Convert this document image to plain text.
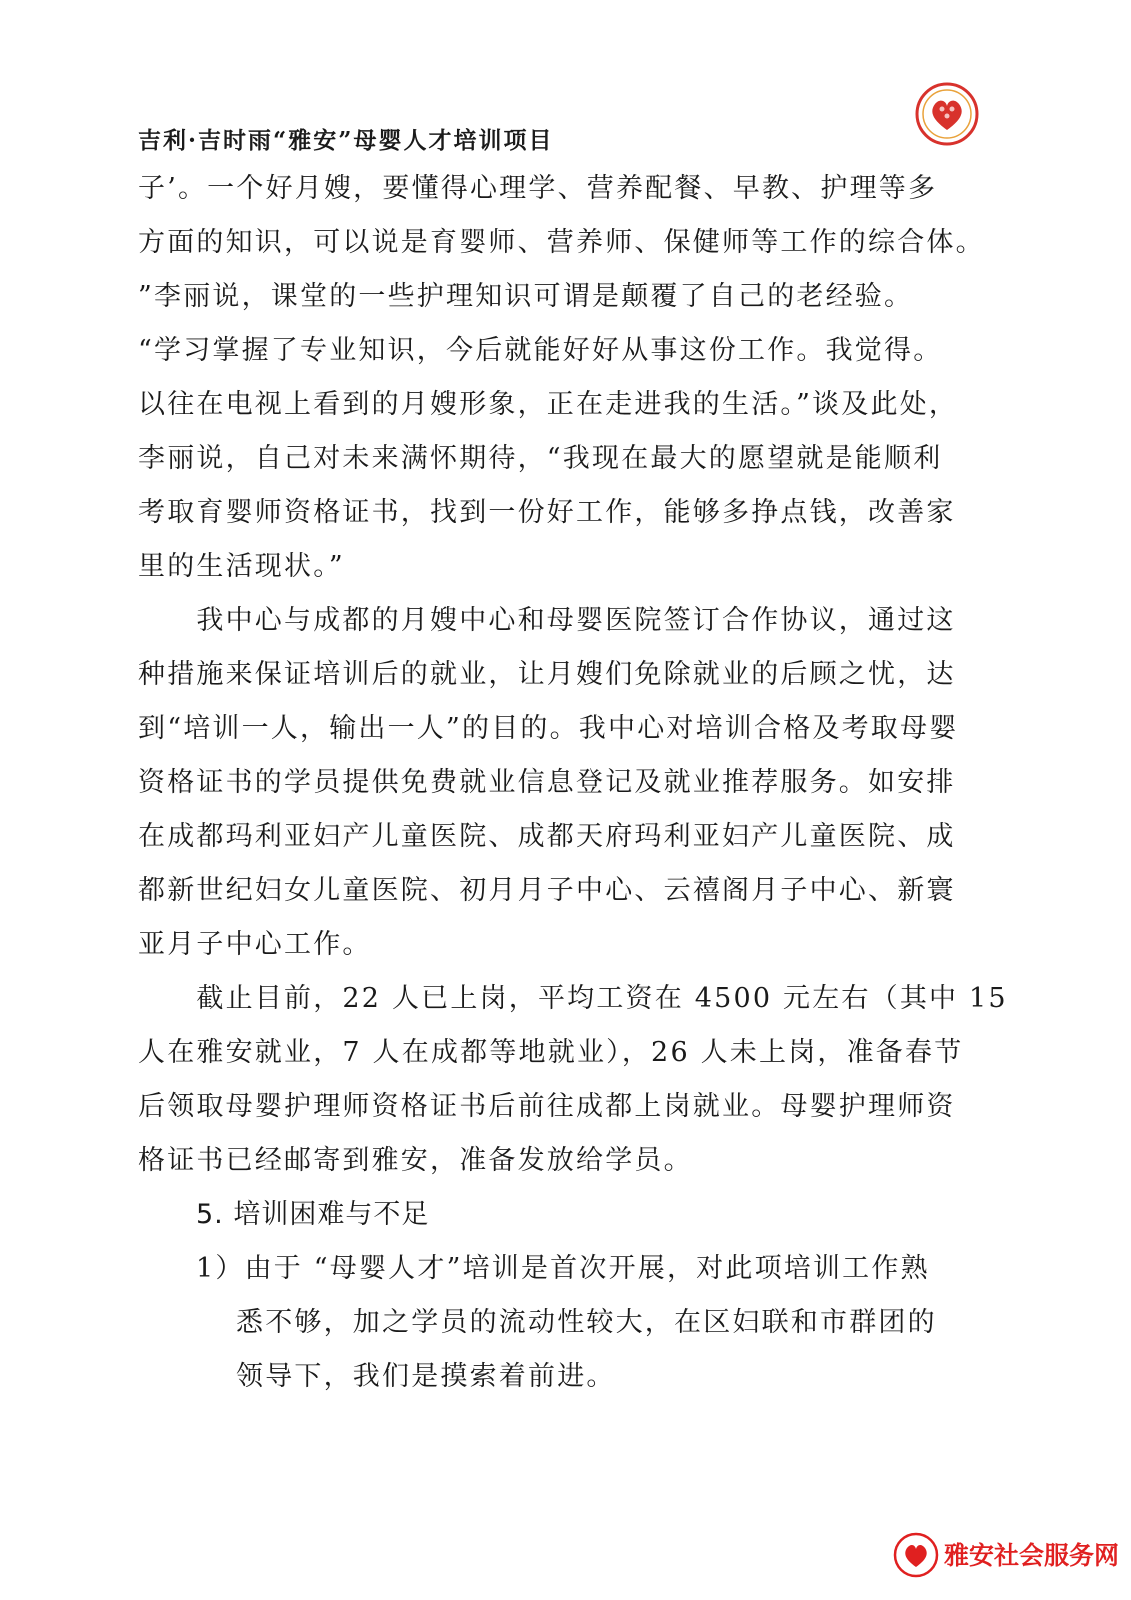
吉利·吉时雨“雅安”母婴人才培训项目
子’。一个好月嫂，要懂得心理学、营养配餐、早教、护理等多
方面的知识，可以说是育婴师、营养师、保健师等工作的综合体。
”李丽说，课堂的一些护理知识可谓是颠覆了自己的老经验。
“学习掌握了专业知识，今后就能好好从事这份工作。我觉得。
以往在电视上看到的月嫂形象，正在走进我的生活。”谈及此处，
李丽说，自己对未来满怀期待，“我现在最大的愿望就是能顺利
考取育婴师资格证书，找到一份好工作，能够多挣点钱，改善家
里的生活现状。”
　　我中心与成都的月嫂中心和母婴医院签订合作协议，通过这
种措施来保证培训后的就业，让月嫂们免除就业的后顾之忧，达
到“培训一人，输出一人”的目的。我中心对培训合格及考取母婴
资格证书的学员提供免费就业信息登记及就业推荐服务。如安排
在成都玛利亚妇产儿童医院、成都天府玛利亚妇产儿童医院、成
都新世纪妇女儿童医院、初月月子中心、云禧阁月子中心、新寰
亚月子中心工作。
　　截止目前，22 人已上岗，平均工资在 4500 元左右（其中 15
人在雅安就业，7 人在成都等地就业），26 人未上岗，准备春节
后领取母婴护理师资格证书后前往成都上岗就业。母婴护理师资
格证书已经邮寄到雅安，准备发放给学员。
5. 培训困难与不足
1）由于 “母婴人才”培训是首次开展，对此项培训工作熟
悉不够，加之学员的流动性较大，在区妇联和市群团的
领导下，我们是摸索着前进。
雅安社会服务网
